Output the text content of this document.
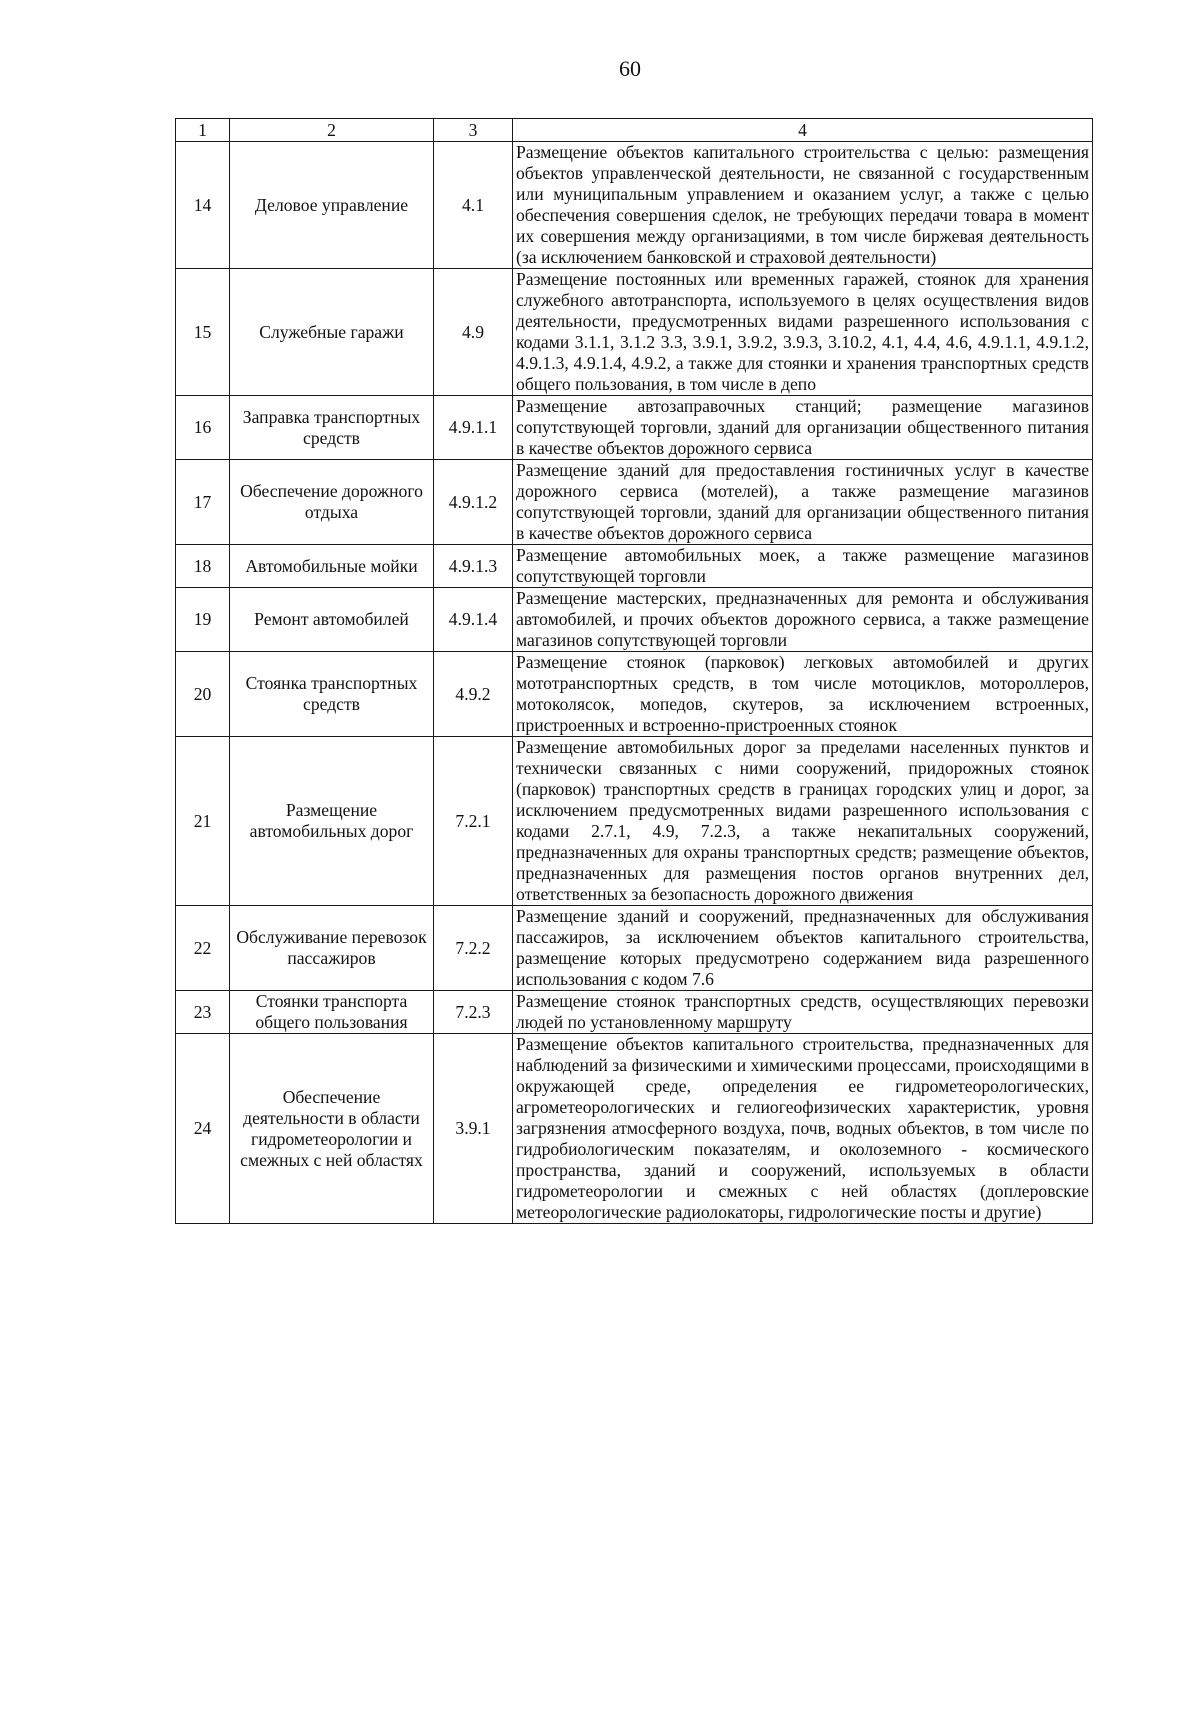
60
1	2	3	4
14	Деловое управление	4.1	Размещение объектов капитального строительства с целью: размещения объектов управленческой деятельности, не связанной с государственным или муниципальным управлением и оказанием услуг, а также с целью обеспечения совершения сделок, не требующих передачи товара в момент их совершения между организациями, в том числе биржевая деятельность (за исключением банковской и страховой деятельности)
15	Служебные гаражи	4.9	Размещение постоянных или временных гаражей, стоянок для хранения служебного автотранспорта, используемого в целях осуществления видов деятельности, предусмотренных видами разрешенного использования с кодами 3.1.1, 3.1.2 3.3, 3.9.1, 3.9.2, 3.9.3, 3.10.2, 4.1, 4.4, 4.6, 4.9.1.1, 4.9.1.2, 4.9.1.3, 4.9.1.4, 4.9.2, а также для стоянки и хранения транспортных средств общего пользования, в том числе в депо
16	Заправка транспортных средств	4.9.1.1	Размещение автозаправочных станций; размещение магазинов сопутствующей торговли, зданий для организации общественного питания в качестве объектов дорожного сервиса
17	Обеспечение дорожного отдыха	4.9.1.2	Размещение зданий для предоставления гостиничных услуг в качестве дорожного сервиса (мотелей), а также размещение магазинов сопутствующей торговли, зданий для организации общественного питания в качестве объектов дорожного сервиса
18	Автомобильные мойки	4.9.1.3	Размещение автомобильных моек, а также размещение магазинов сопутствующей торговли
19	Ремонт автомобилей	4.9.1.4	Размещение мастерских, предназначенных для ремонта и обслуживания автомобилей, и прочих объектов дорожного сервиса, а также размещение магазинов сопутствующей торговли
20	Стоянка транспортных средств	4.9.2	Размещение стоянок (парковок) легковых автомобилей и других мототранспортных средств, в том числе мотоциклов, мотороллеров, мотоколясок, мопедов, скутеров, за исключением встроенных, пристроенных и встроенно-пристроенных стоянок
21	Размещение автомобильных дорог	7.2.1	Размещение автомобильных дорог за пределами населенных пунктов и технически связанных с ними сооружений, придорожных стоянок (парковок) транспортных средств в границах городских улиц и дорог, за исключением предусмотренных видами разрешенного использования с кодами 2.7.1, 4.9, 7.2.3, а также некапитальных сооружений, предназначенных для охраны транспортных средств; размещение объектов, предназначенных для размещения постов органов внутренних дел, ответственных за безопасность дорожного движения
22	Обслуживание перевозок пассажиров	7.2.2	Размещение зданий и сооружений, предназначенных для обслуживания пассажиров, за исключением объектов капитального строительства, размещение которых предусмотрено содержанием вида разрешенного использования с кодом 7.6
23	Стоянки транспорта общего пользования	7.2.3	Размещение стоянок транспортных средств, осуществляющих перевозки людей по установленному маршруту
24	Обеспечение деятельности в области гидрометеорологии и смежных с ней областях	3.9.1	Размещение объектов капитального строительства, предназначенных для наблюдений за физическими и химическими процессами, происходящими в окружающей среде, определения ее гидрометеорологических, агрометеорологических и гелиогеофизических характеристик, уровня загрязнения атмосферного воздуха, почв, водных объектов, в том числе по гидробиологическим показателям, и околоземного - космического пространства, зданий и сооружений, используемых в области гидрометеорологии и смежных с ней областях (доплеровские метеорологические радиолокаторы, гидрологические посты и другие)
